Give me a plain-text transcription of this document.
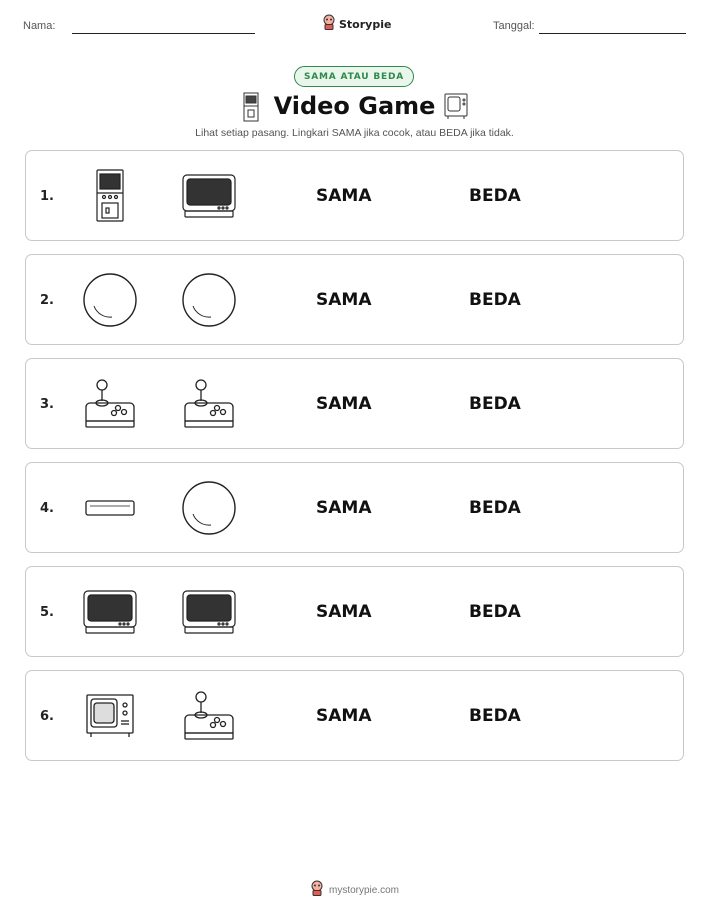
Nama:	Storypie	Tanggal:
SAMA ATAU BEDA
Video Game
Lihat setiap pasang. Lingkari SAMA jika cocok, atau BEDA jika tidak.
1.	SAMA	BEDA
2.	SAMA	BEDA
3.	SAMA	BEDA
4.	SAMA	BEDA
5.	SAMA	BEDA
6.	SAMA	BEDA
mystorypie.com
